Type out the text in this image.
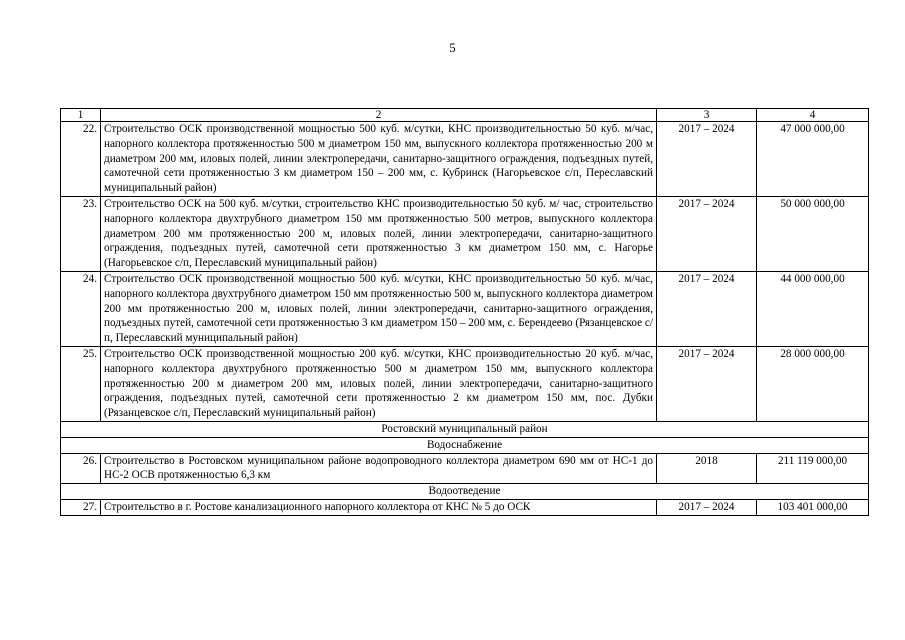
5
1	2	3	4
22.	Строительство ОСК производственной мощностью 500 куб. м/сутки, КНС производительностью 50 куб. м/час, напорного коллектора протяженностью 500 м диаметром 150 мм, выпускного коллектора протяженностью 200 м диаметром 200 мм, иловых полей, линии электропередачи, санитарно-защитного ограждения, подъездных путей, самотечной сети протяженностью 3 км диаметром 150 – 200 мм, с. Кубринск (Нагорьевское с/п, Переславский муниципальный район)	2017 – 2024	47 000 000,00
23.	Строительство ОСК на 500 куб. м/сутки, строительство КНС производительностью 50 куб. м/ час, строительство напорного коллектора двухтрубного диаметром 150 мм протяженностью 500 метров, выпускного коллектора диаметром 200 мм протяженностью 200 м, иловых полей, линии электропередачи, санитарно-защитного ограждения, подъездных путей, самотечной сети протяженностью 3 км диаметром 150 мм, с. Нагорье (Нагорьевское с/п, Переславский муниципальный район)	2017 – 2024	50 000 000,00
24.	Строительство ОСК производственной мощностью 500 куб. м/сутки, КНС производительностью 50 куб. м/час, напорного коллектора двухтрубного диаметром 150 мм протяженностью 500 м, выпускного коллектора диаметром 200 мм протяженностью 200 м, иловых полей, линии электропередачи, санитарно-защитного ограждения, подъездных путей, самотечной сети протяженностью 3 км диаметром 150 – 200 мм, с. Берендеево (Рязанцевское с/п, Переславский муниципальный район)	2017 – 2024	44 000 000,00
25.	Строительство ОСК производственной мощностью 200 куб. м/сутки, КНС производительностью 20 куб. м/час, напорного коллектора двухтрубного протяженностью 500 м диаметром 150 мм, выпускного коллектора протяженностью 200 м диаметром 200 мм, иловых полей, линии электропередачи, санитарно-защитного ограждения, подъездных путей, самотечной сети протяженностью 2 км диаметром 150 мм, пос. Дубки (Рязанцевское с/п, Переславский муниципальный район)	2017 – 2024	28 000 000,00
Ростовский муниципальный район			
Водоснабжение			
26.	Строительство в Ростовском муниципальном районе водопроводного коллектора диаметром 690 мм от НС-1 до НС-2 ОСВ протяженностью 6,3 км	2018	211 119 000,00
Водоотведение			
27.	Строительство в г. Ростове канализационного напорного коллектора от КНС № 5 до ОСК	2017 – 2024	103 401 000,00
